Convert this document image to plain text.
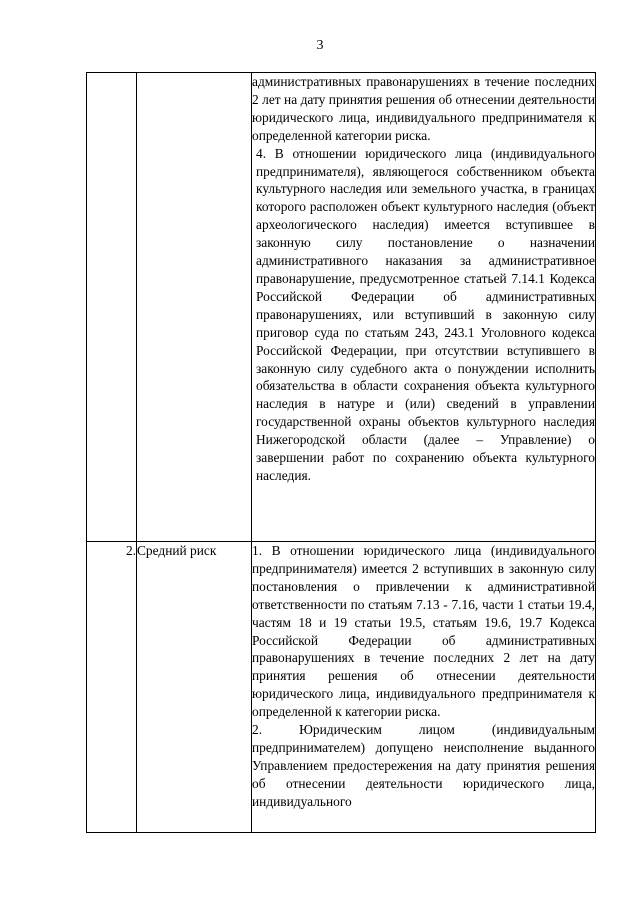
3

		административных правонарушениях в течение последних 2 лет на дату принятия решения об отнесении деятельности юридического лица, индивидуального предпринимателя к определенной категории риска.

4. В отношении юридического лица (индивидуального предпринимателя), являющегося собственником объекта культурного наследия или земельного участка, в границах которого расположен объект культурного наследия (объект археологического наследия) имеется вступившее в законную силу постановление о назначении административного наказания за административное правонарушение, предусмотренное статьей 7.14.1 Кодекса Российской Федерации об административных правонарушениях, или вступивший в законную силу приговор суда по статьям 243, 243.1 Уголовного кодекса Российской Федерации, при отсутствии вступившего в законную силу судебного акта о понуждении исполнить обязательства в области сохранения объекта культурного наследия в натуре и (или) сведений в управлении государственной охраны объектов культурного наследия Нижегородской области (далее – Управление) о завершении работ по сохранению объекта культурного наследия.

2.	Средний риск	1. В отношении юридического лица (индивидуального предпринимателя) имеется 2 вступивших в законную силу постановления о привлечении к административной ответственности по статьям 7.13 - 7.16, части 1 статьи 19.4, частям 18 и 19 статьи 19.5, статьям 19.6, 19.7 Кодекса Российской Федерации об административных правонарушениях в течение последних 2 лет на дату принятия решения об отнесении деятельности юридического лица, индивидуального предпринимателя к определенной к категории риска.

2. Юридическим лицом (индивидуальным предпринимателем) допущено неисполнение выданного Управлением предостережения на дату принятия решения об отнесении деятельности юридического лица, индивидуального
